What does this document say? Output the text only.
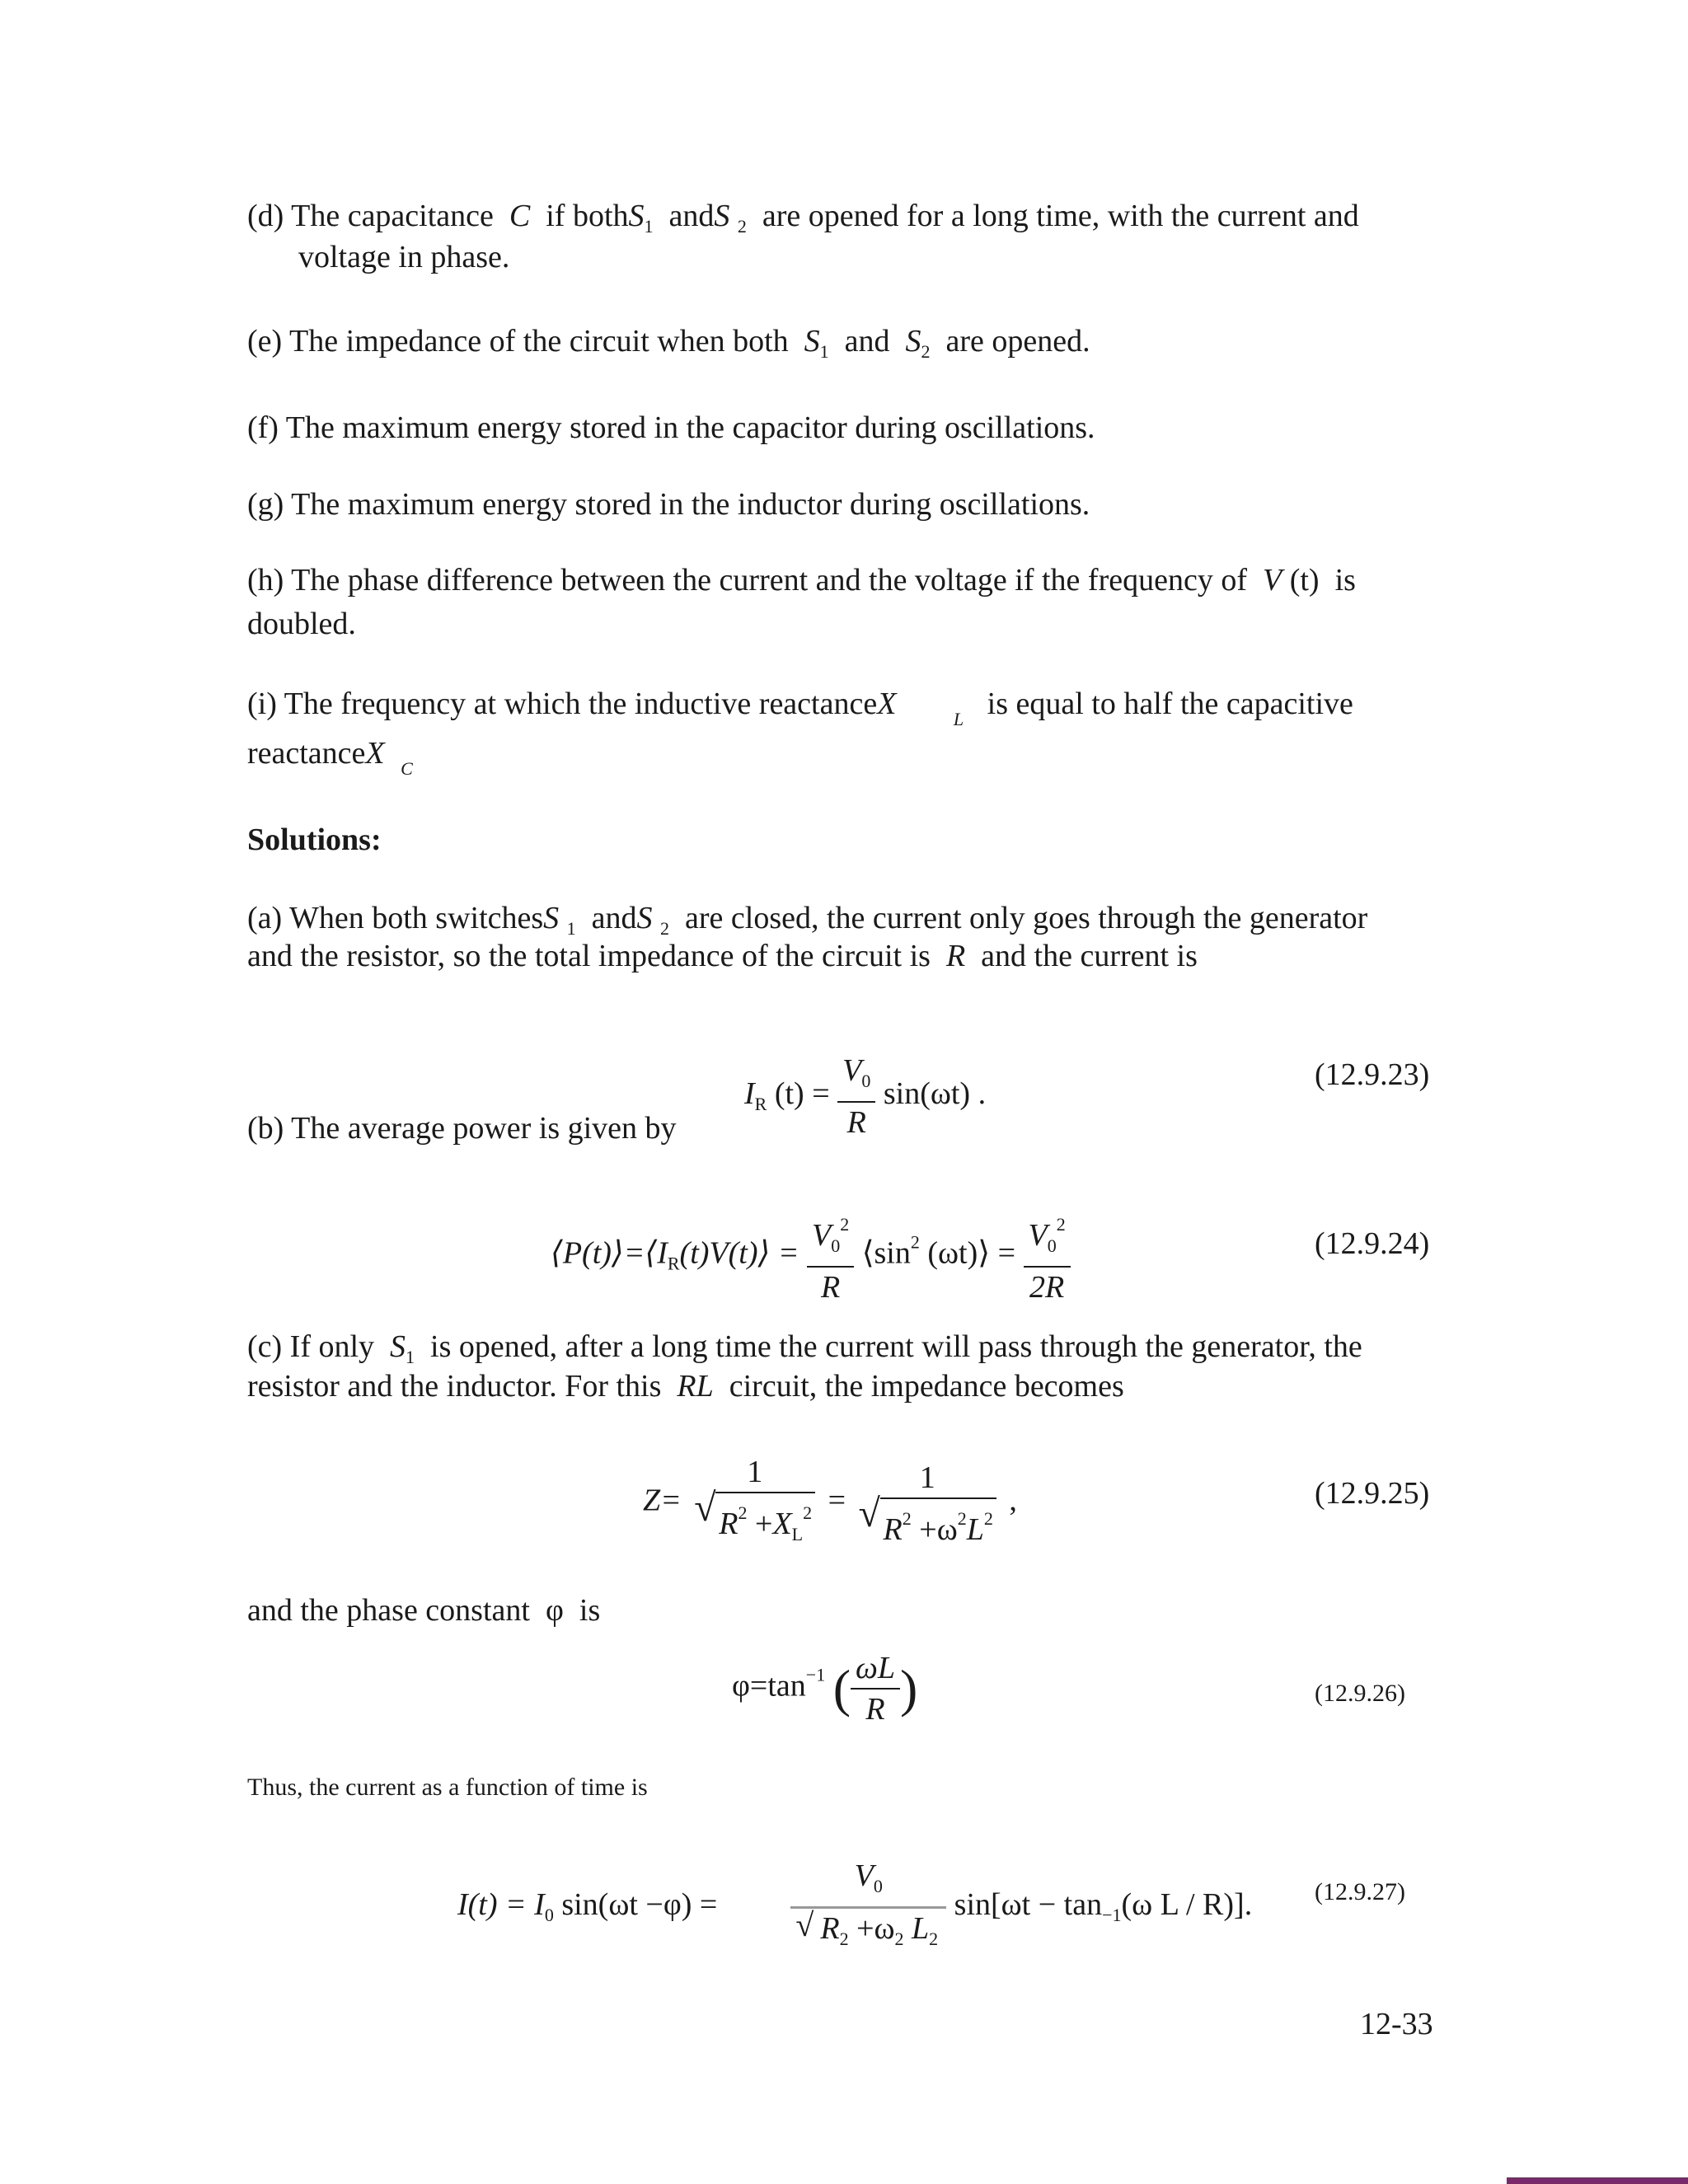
(d) The capacitance C if bothS$_1$ andS $_2$ are opened for a long time, with the current and
voltage in phase.
(e) The impedance of the circuit when both $S_1$ and $S_2$ are opened.
(f) The maximum energy stored in the capacitor during oscillations.
(g) The maximum energy stored in the inductor during oscillations.
(h) The phase difference between the current and the voltage if the frequency of V (t) is
doubled.
(i) The frequency at which the inductive reactanceX	$_L$ is equal to half the capacitive
reactanceX $_C$
Solutions:
(a) When both switchesS $_1$ andS $_2$ are closed, the current only goes through the generator
and the resistor, so the total impedance of the circuit is R and the current is
$I_R$ $(t) = \frac{V_0}{R} \sin(\omega t)$ .
(12.9.23)
(b) The average power is given by
$⟨P(t)⟩=⟨I_R(t)V(t)⟩ = \frac{V_0^2}{R}$ $⟨\sin^2$ (ωt)⟩ = $\frac{V_0^2}{2R}$	(12.9.24)
(c) If only $S_1$ is opened, after a long time the current will pass through the generator, the
resistor and the inductor. For this RL circuit, the impedance becomes
Z=
1
√ $R^2 +X_L^2$ =
1
√ $R^2 +\omega^2L^2$
,	(12.9.25)
and the phase constant φ is
$\varphi=\tan^{-1}$ ( $\frac{\omega L}{R}$ )	(12.9.26)
Thus, the current as a function of time is
$I(t) = I_0$ $\sin(\omega t -\varphi) = \frac{V_0}{√ R_2 +\omega_2 L_2} \sin[\omega t - \tan_{-1}(\omega$ L / R)].	(12.9.27)
12-33
